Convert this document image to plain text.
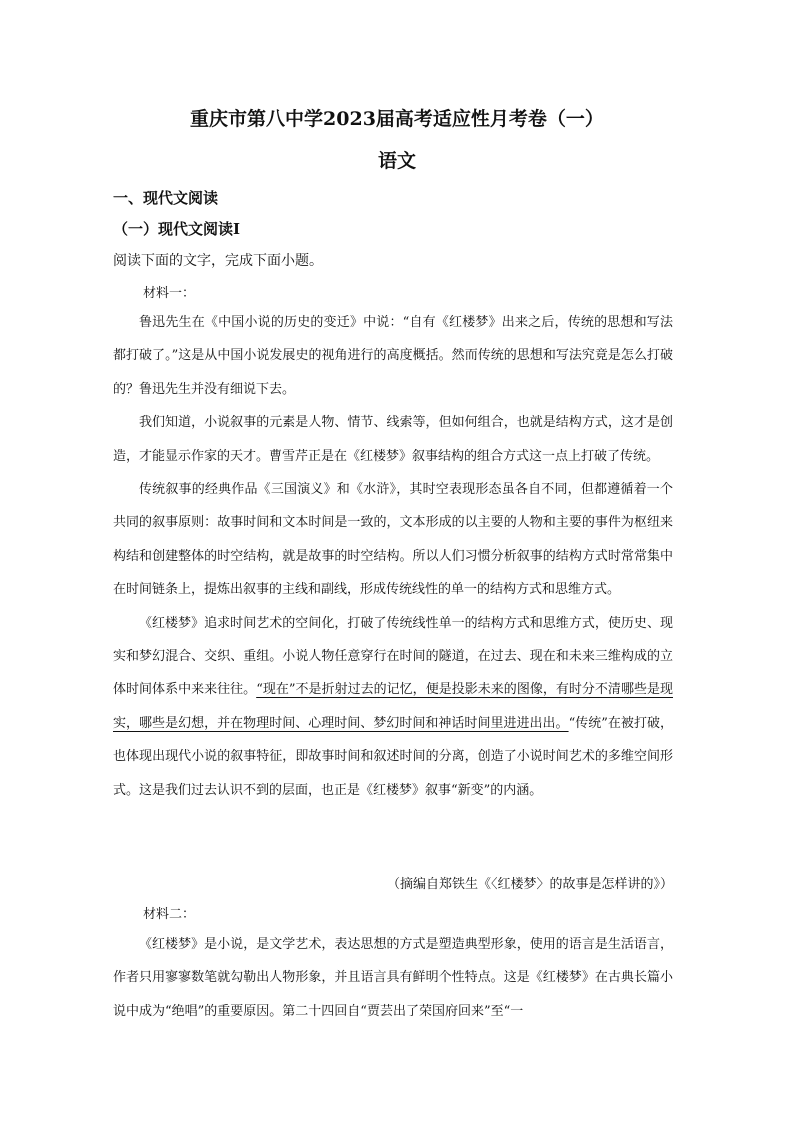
重庆市第八中学2023届高考适应性月考卷（一）
语文
一、现代文阅读
（一）现代文阅读Ⅰ
阅读下面的文字，完成下面小题。
材料一：

鲁迅先生在《中国小说的历史的变迁》中说：“自有《红楼梦》出来之后，传统的思想和写法都打破了。”这是从中国小说发展史的视角进行的高度概括。然而传统的思想和写法究竟是怎么打破的？鲁迅先生并没有细说下去。

我们知道，小说叙事的元素是人物、情节、线索等，但如何组合，也就是结构方式，这才是创造，才能显示作家的天才。曹雪芹正是在《红楼梦》叙事结构的组合方式这一点上打破了传统。

传统叙事的经典作品《三国演义》和《水浒》，其时空表现形态虽各自不同，但都遵循着一个共同的叙事原则：故事时间和文本时间是一致的，文本形成的以主要的人物和主要的事件为枢纽来构结和创建整体的时空结构，就是故事的时空结构。所以人们习惯分析叙事的结构方式时常常集中在时间链条上，提炼出叙事的主线和副线，形成传统线性的单一的结构方式和思维方式。

《红楼梦》追求时间艺术的空间化，打破了传统线性单一的结构方式和思维方式，使历史、现实和梦幻混合、交织、重组。小说人物任意穿行在时间的隧道，在过去、现在和未来三维构成的立体时间体系中来来往往。“现在”不是折射过去的记忆，便是投影未来的图像，有时分不清哪些是现实，哪些是幻想，并在物理时间、心理时间、梦幻时间和神话时间里进进出出。“传统”在被打破，也体现出现代小说的叙事特征，即故事时间和叙述时间的分离，创造了小说时间艺术的多维空间形式。这是我们过去认识不到的层面，也正是《红楼梦》叙事“新变”的内涵。

（摘编自郑铁生《〈红楼梦〉的故事是怎样讲的》）
材料二：

《红楼梦》是小说，是文学艺术，表达思想的方式是塑造典型形象，使用的语言是生活语言，作者只用寥寥数笔就勾勒出人物形象，并且语言具有鲜明个性特点。这是《红楼梦》在古典长篇小说中成为“绝唱”的重要原因。第二十四回自“贾芸出了荣国府回来”至“一
